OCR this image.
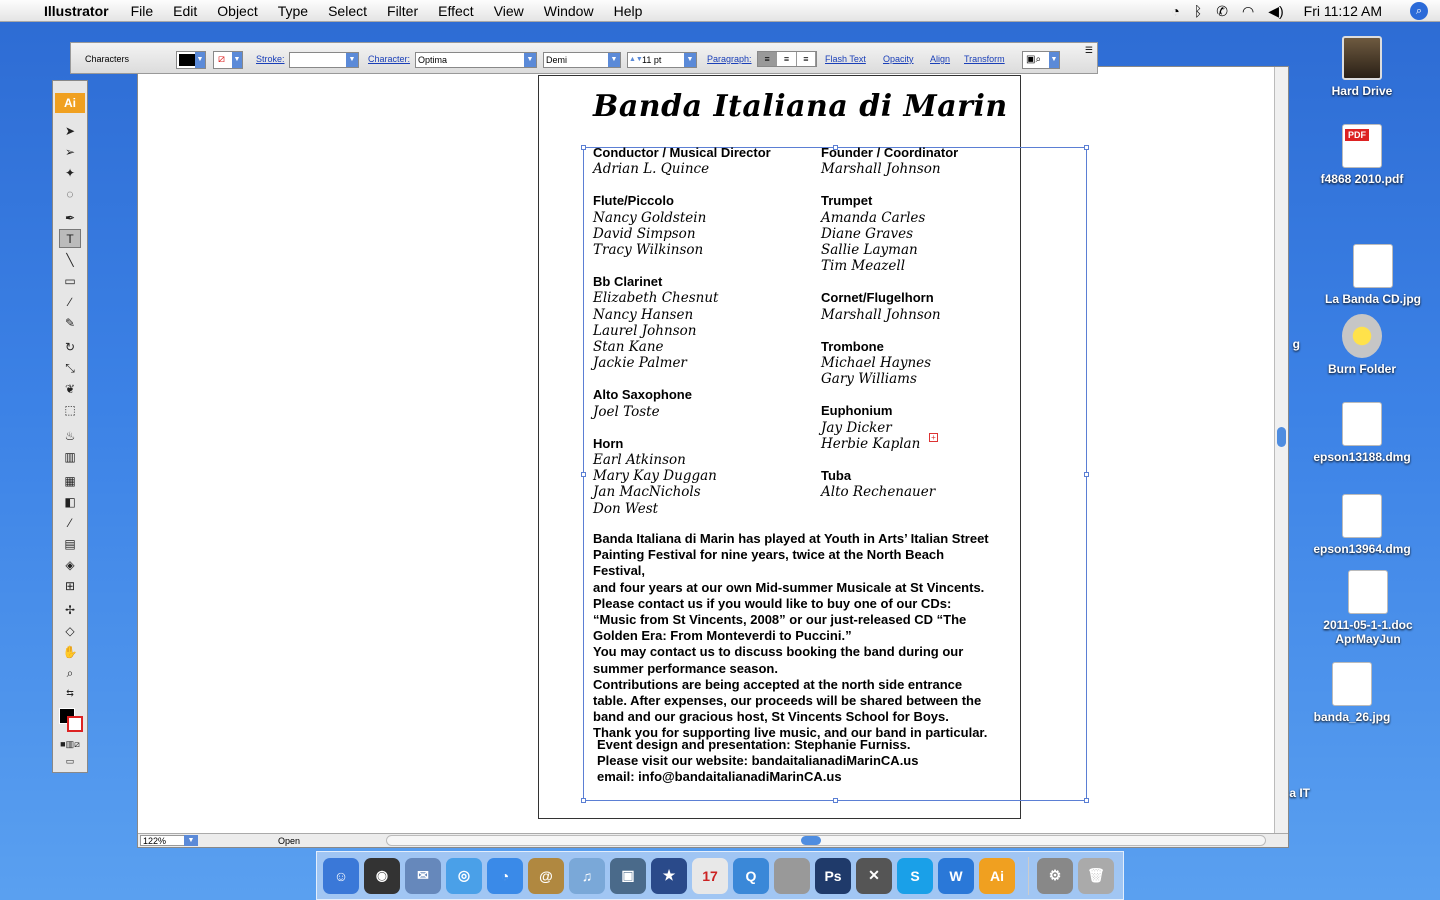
Illustrator File Edit Object Type Select Filter Effect View Window Help	◔ ᛒ ✆ ◠ ◀) Fri 11:12 AM	⌕
Hard Drive
PDF
f4868 2010.pdf
La Banda CD.jpg
Burn Folder
epson13188.dmg
epson13964.dmg
2011-05-1-1.doc AprMayJun
banda_26.jpg
g
a IT
Banda Italiana di Marin
Conductor / Musical Director
Adrian L. Quince
Flute/Piccolo
Nancy Goldstein
David Simpson
Tracy Wilkinson
Bb Clarinet
Elizabeth Chesnut
Nancy Hansen
Laurel Johnson
Stan Kane
Jackie Palmer
Alto Saxophone
Joel Toste
Horn
Earl Atkinson
Mary Kay Duggan
Jan MacNichols
Don West
Founder / Coordinator
Marshall Johnson
Trumpet
Amanda Carles
Diane Graves
Sallie Layman
Tim Meazell
Cornet/Flugelhorn
Marshall Johnson
Trombone
Michael Haynes
Gary Williams
Euphonium
Jay Dicker
Herbie Kaplan
Tuba
Alto Rechenauer
+

Banda Italiana di Marin has played at Youth in Arts’ Italian Street

Painting Festival for nine years, twice at the North Beach Festival,

and four years at our own Mid-summer Musicale at St Vincents.

Please contact us if you would like to buy one of our CDs:

“Music from St Vincents, 2008” or our just-released CD “The

Golden Era: From Monteverdi to Puccini.”

You may contact us to discuss booking the band during our

summer performance season.

Contributions are being accepted at the north side entrance

table. After expenses, our proceeds will be shared between the

band and our gracious host, St Vincents School for Boys.

Thank you for supporting live music, and our band in particular.

Event design and presentation: Stephanie Furniss.
Please visit our website: bandaitalianadiMarinCA.us
email: info@bandaitalianadiMarinCA.us
122%	▼	Open
Characters	▼ ⧄ ▼ Stroke:	▼ Character: Optima	▼	Demi	▼	▲▼ 11 pt	▼ Paragraph:	≡	≡	≡	Flash Text Opacity Align Transform ▣⌕ ▼
☰
Ai
➤
➢
✦
◌
✒
T
╲
▭
∕
✎
↻
⤡
❦
⬚
♨
▥
▦
◧
⁄
▤
◈
⊞
✢
◇
✋
⌕
⇆
■▥⧄
▭
☺	◉	✉	◎	◔	@	♫	▣	★	17	Q	Ps	✕	S	W	Ai	⚙	🗑
